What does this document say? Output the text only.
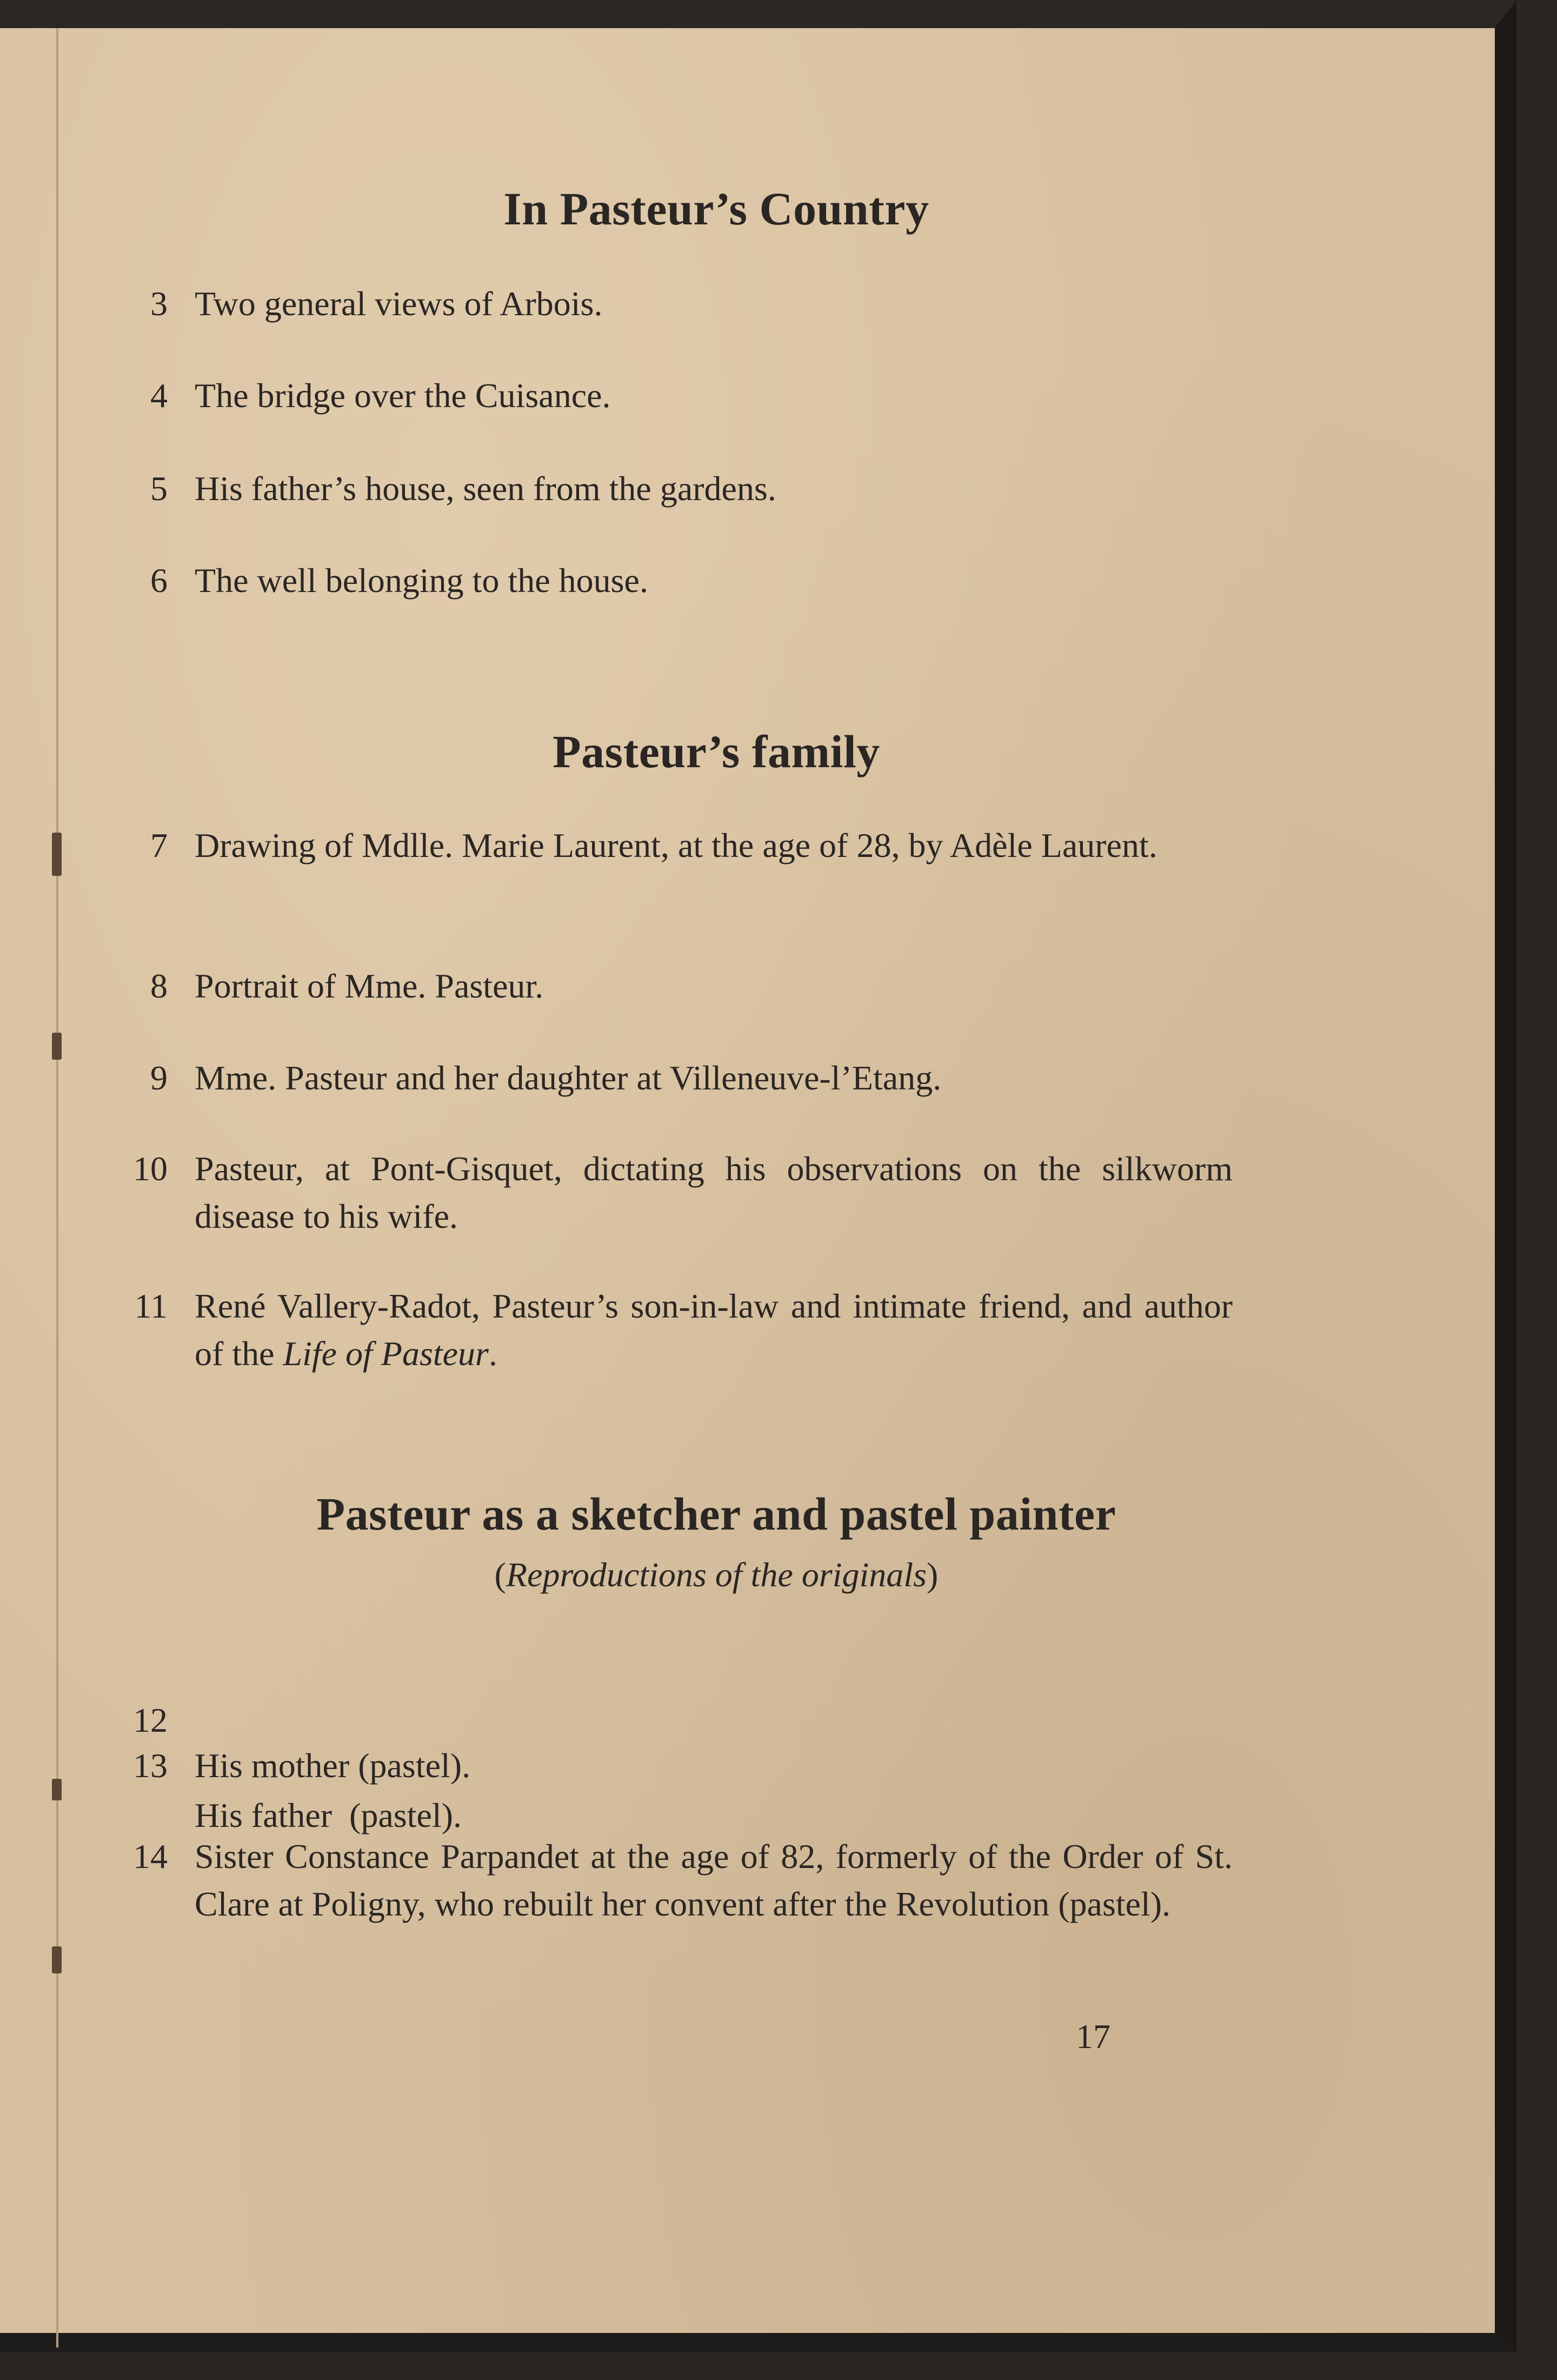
In Pasteur’s Country
3 Two general views of Arbois.
4 The bridge over the Cuisance.
5 His father’s house, seen from the gardens.
6 The well belonging to the house.
Pasteur’s family
7 Drawing of Mdlle. Marie Laurent, at the age of 28, by Adèle Laurent.
8 Portrait of Mme. Pasteur.
9 Mme. Pasteur and her daughter at Villeneuve-l’Etang.
10 Pasteur, at Pont-Gisquet, dictating his observations on the silkworm disease to his wife.
11 René Vallery-Radot, Pasteur’s son-in-law and intimate friend, and author of the Life of Pasteur.
Pasteur as a sketcher and pastel painter
(Reproductions of the originals)

12

His father  (pastel).

13 His mother (pastel).
14 Sister Constance Parpandet at the age of 82, formerly of the Order of St. Clare at Poligny, who rebuilt her convent after the Revolution (pastel).
17
